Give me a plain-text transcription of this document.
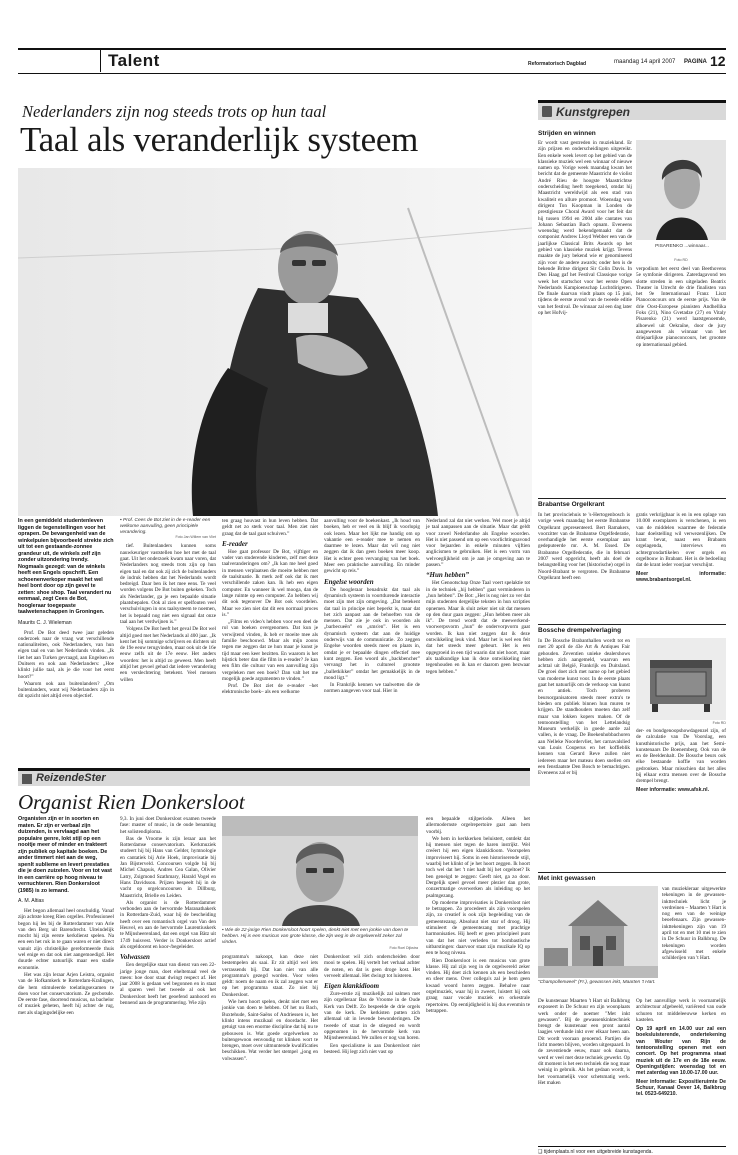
Talent	Reformatorisch Dagblad	maandag 14 april 2007 PAGINA 12
Nederlanders zijn nog steeds trots op hun taal
Taal als veranderlijk systeem
In een gemiddeld studentenleven liggen de tegenstellingen voor het oprapen. De bevangenheid van de winkelpuien bijvoorbeeld strekte zich uit tot een gestaande-zonnee grandeur uit, de winkels zelf zijn zonder uitzondering trendy. Nogmaals gezegd: van de winkels heeft een Engels opschrift. Een schoenenverkoper maakt het wel heel bont door op zijn gevel te zetten: shoe shop. Taal verandert nu eenmaal, zegt Cees de Bot, hoogleraar toegepaste taalwetenschappen in Groningen.
Maurits C. J. Wieleman

Prof. De Bot deed twee jaar geleden onderzoek naar de vraag wat verschillende nationaliteiten, ook Nederlanders, van hun eigen taal en van het Nederlands vinden. „Ik liet het aan Turken gevraagd, aan Engelsen en Duitsers en ook aan Nederlanders: „Hoe klinkt jullie taal, als je die voor het eerst hoort?”

Waarom ook aan buitenlanders? „Om buitenlanders, want wij Nederlanders zijn in dit opzicht niet altijd even objectief.

▪ Prof. Cees de Bot ziet in de e-reader een welkome aanvulling, geen principiële verandering.
Foto Jan Willem van Vliet

tief. Buitenlanders kunnen soms nauwkeuriger vaststellen hoe het met de taal gaat. Uit het onderzoek kwam naar voren, dat Nederlanders nog steeds trots zijn op hun eigen taal en dat ook zij zich de buitenlanders de indruk hebben dat het Nederlands wordt bedreigd. Daar ben ik het mee eens. Te veel worden volgens De Bot buiten gekeken. Toch als Nederlander, ga je een bepaalde situatie plaatsbepalen. Ook al zien er spelfouten veel verschuivingen in ons taalsysteem te noemen, het is bepaald nog niet een signaal dat onze taal aan het verdwijnen is.”

Volgens De Bot heeft het geval De Bot wel altijd goed met het Nederlands al 400 jaar. „Ik kent het bij sommige schrijvers en dichters uit de 19e eeuw terugvinden, maar ook uit de 16e eeuw zelfs uit de 17e eeuw. Het anders woorden: het is altijd zo geweest. Men heeft altijd het gevoel gehad dat iedere verandering een verslechtering betekent. Veel mensen willen

ten graag houvast in hun leven hebben. Dat geldt net zo sterk voor taal. Men ziet niet graag dat de taal gaat schuiven.”

E-reader

Hoe gaat professor De Bot, vijftiger en vader van studerende kinderen, zelf met deze taalveranderingen om? „Ik kan me heel goed in mensen verplaatsen die moeite hebben met de taalsituatie. Ik merk zelf ook dat ik met verschillende zaken kan. Ik heb een eigen computer. En wanneer ik wel mooga, dan de lange ruimte op een computer. Zo hebben wij dit ook tegenover De Bot ook voordelen. Maar we zien niet dat dit een normaal proces is.”

„Films en video's hebben voor een deel de rol van boeken overgenomen. Dat kun je verwijtend vinden, ik heb er moeite mee als familie beschouwd. Maar als mijn zoons tegen me zeggen dat ze hun maar je kunst je tijd maar een keer bezitten. En waarom is het hijstick beter dan die film in e-reader? Je kan een film die cultuur van een aanvulling zijn vergeleken met een boek? Dan valt het me mogelijk goede argumenten te vinden.”

Prof. De Bot ziet de e-reader –het elektronische boek– als een welkome

aanvulling voor de boekenkast. „Ik houd van boeken, heb er veel en ik blijf ik voorlopig ook lezen. Maar het lijkt me handig om op vakantie een e-reader mee te nemen en daarmee te lezen. Maar dat wil nog niet zeggen dat ik dan geen boeken meer koop. Het is echter geen vervanging van het boek. Meer een praktische aanvulling. En minder gewicht op reis.”

Engelse woorden

De hoogleraar benadrukt dat taal als dynamisch systeem in voortdurende interactie moet zijn met zijn omgeving. „Dat betekent dat taal in principe niet beperkt is, maar dat het zich aanpast aan de behoeften van de mensen. Dat zie je ook in woorden als „barbecueën” en „sms'en”. Het is een dynamisch systeem dat aan de huidige onderwijs van de communicatie. Zo zeggen Engelse woorden steeds meer en plaats in, omdat je er bepaalde dingen effectief mee kunt zeggen. Een woord als „backbencher” vervangt het in cultureel grootste „balletkikker” omdat het gemakkelijk in de mond ligt.”

In Frankrijk kennen we taalwetten die de normen aangeven voor taal. Hier in

Nederland zal dat niet werken. Wel moet je altijd je taal aanpassen aan de situatie. Maar dat geldt voor zowel Nederlandse als Engelse woorden. Het is niet passend om op een voorlichtingsavond voor bejaarden in enkele minuten vijftien anglicismen te gebruiken. Het is een vorm van welvoeglijkheid om je aan je omgeving aan te passen.”

“Hun hebben”

Het Genootschap Onze Taal voert spelaktie tot in de techniek „hij hebben” gaat verminderen in „hun hebben”. De Bot: „Het is nog niet zo ver dat mijn studenten dergelijke teksten in hun scripties opnemen. Maar ik sluit zeker niet uit dat mensen op den duur gaan zeggen: „Hun hebben meer als ik”. De trend wordt dat de meewerkend-voorwerpsvorm „hun” de ondervorpvorm gaat worden. Ik kan niet zeggen dat ik deze ontwikkeling leuk vind. Maar het is wel een feit dat het steeds meer gebeurt. Het is een opgegroeid in een tijd waarin dat niet hoort, maar als taalkundige kan ik deze ontwikkeling niet tegenhouden en ik kan er daarom geen bezwaar tegen hebben.”

Kunstgrepen
Strijden en winnen
Er wordt vast gestreden in muziekland. Er zijn prijzen en onderscheidingen uitgereikt. Een enkele week levert op het gebied van de klassieke muziek wel een winnaar of nieuwe namen op. Vorige week maandag kwam het bericht dat de gemeente Maastricht de violist André Rieu de hoogste Maastrichtse onderscheiding heeft toegekend, omdat hij Maastricht wereldwijd als een stad van kwaliteit en allure promoot. Woensdag won dirigent Ton Koopman in Londen de prestigieuze Choral Award voor het feit dat hij tussen 1994 en 2004 alle cantates van Johann Sebastian Bach opnam. Eveneens woensdag werd bekendgemaakt dat de componist Andrew Lloyd Webber een van de jaarlijkse Classical Brits Awards op het gebied van klassieke muziek krijgt. Tevens maakte de jury bekend wie er genomineerd zijn voor de andere awards; onder hen is de bekende Britse dirigent Sir Colin Davis. In Den Haag gaf het Festival Classique vorige week het startschot voor het eerste Open Nederlands Kampioenschap Luchtdirigeren. De finale daarvan vindt plaats op 15 juni, tijdens de eerste avond van de tweede editie van het festival. De winnaar zal een dag later op het Hofvij-
PISARENKO ...winnaar...
Foto RD
verpodium het eerst deel van Beethovens 5e symfonie dirigeren. Zaterdagavond ten slotte streden in een uitgeladen Beatrix Theater in Utrecht de drie finalisten van het 9e Internationaal Franz Liszt Pianoconcours om de eerste prijs. Van de drie Oost-Europese pianisten Andhellika Foks (21), Nino Gvetadze (27) en Vitaly Pisarenko (21) werd laatstgenoemde, alhoewel uit Oekraïne, door de jury aangewezen als winnaar van het driejaarlijkse pianoconcours, het grootste op internationaal gebied.
Brabantse Orgelkrant
In het provinciehuis te 's-Hertogenbosch is vorige week maandag het eerste Brabantse Orgelkrant gepresenteerd. Bert Ramakers, voorzitter van de Brabantse Orgelfederatie, overhandigde het eerste exemplaar aan gedeputeerde mr. A. M. Essed. De Brabantse Orgelfederatie, die in februari 2007 werd opgericht, heeft als doel de belangstelling voor het (historische) orgel in Noord-Brabant te vergroten. De Brabantse Orgelkrant heeft een
gratis verkrijgbaar is en in een oplage van 10.000 exemplaren is verschenen, is een van de middelen waarmee de federatie haar doelstelling wil verwezenlijken. De krant bevat, naast een Brabants orgelagenda, interviews en achtergrondartikelen over orgels en orgelbouw in Brabant. Het is de bedoeling dat de krant ieder voorjaar verschijnt.
Meer informatie: www.brabantsorgel.nl.
Bossche drempelverlaging
In De Bossche Brabanthallen wordt tot en met 20 april de 43e Art & Antiques Fair gehouden. Zeventien unieke dealershows hebben zich aangemeld, waarvan een achttal uit België, Frankrijk en Duitsland. De groei doet zich met name op het gebied van moderne kunst voor. In de eerste plaats gaat het natuurlijk om de verkoop van kunst en antiek. Toch proberen beursorganisatoren steeds meer extra's te bieden om publiek binnen hun muren te krijgen. De standhouders moeten dan zelf maar van lokken kopers maken. Of de tentoonstelling van het Lettelandsig Museum werkelijk in goede aarde zal vallen, is de vraag. De Boekenhobbachoren aan Nelleke Noordervliet, het carnavalslied van Louis Couperus en het koffieblik kennen van Gerard Reve zullen niet iedereen maar het mateau doen snellen om een fenstlaatste Den Bosch te bemachtigen. Eveneens zal er bij
Foto RD
der- en bondgenoopshowdagenzel zijn, of de calculatie van De Voorslag, een kunsthistorische prijs, aan het Semi-kunstenaars De Boenemberg. Ook van de en de Beeldenhalt. De Bossche beurs ook elke bestaande koffie van worden gedronken. Maar misschien dat het alles bij elkaar extra mensen over de Bossche drempel brengt.
Meer informatie: www.afsk.nl.
Met inkt gewassen
van muziekleraar uitgewerkte tekeningen in de gewassen-inkttechniek licht je verdreinen – Maarten 't Hart is nog een van de weinige beoefenaars. Zijn gewassen-inkttekeningen zijn van 19 april tot en met 10 mei te zien in De Schuur in Balkbrug. De tekeningen worden afgewisseld met enkele schilderijen van 't Hart.
“Champollenweel” (Fr.), gewassen inkt, Maarten 't Hart.
De kunstenaar Maarten 't Hart uit Balkbrug exposeert in De Schuur en zijn woonplaats werk onder de noemer "Met inkt gewassen". Bij de gewassenkinktechniek brengt de kunstenaar een pront aantal laagjes verdunde inkt over elkaar heen aan. Dit wordt vooraan genoemd. Partijen die licht moeten blijven, worden uitgespaard. In de zeventiende eeuw, maar ook daarna, werd er veel met deze techniek gewerkt. Op dit moment is het een techniek die nog maar weinig in gebruik. Als het gedaan wordt, is het voornamelijk voor schetsmatig werk. Het maken
Op het aanvullige werk is voornamelijk architectuur afgebeeld, variërend van oude schuren tot middeleeuwse kerken en kastelen.
Op 19 april en 14.00 uur zal een boeksluisterende, ondertekening van Wouter van Rijn de tentoonstelling openen met een concert. Op het programma staat muziek uit de 17e en de 18e eeuw. Openingstijden: woensdag tot en met zaterdag van 10.00-17.00 uur.
Meer informatie: Expositieruimte De Schuur, Kanaal Oever 14, Balkbrug tel. 0523-649210.
❑ tijdenplaats.nl voor een uitgebreide kunstagenda.
ReizendeSter
Organist Rien Donkersloot
Organisten zijn er in soorten en maten. Er zijn er verbaal zijn duizenden, is vervlaagd aan het populaire genre, lokt stijl op een nooitje meer of minder en trakteert zijn publiek op kapitale boeken. De ander timmert niet aan de weg, spenlt sublieme en levert prestaties die je doen zuizelen. Voor en tot vast in een carrière op hoog niveau te vernuchteren. Rien Donkersloot (1985) is zo iemand.
A. M. Altias

Het begon allemaal heel onschuldig. Vanaf zijn achtste kreeg Rien orgelles. Professioneel begon hij les bij de Rotterdammer van Arie van den Berg uit Barendrecht. Uiteindelijk mocht hij zijn eerste kerkdienst spelen. Na een een het ruk in te gaan waren er niet direct vanuit zijn christelijke gereformeerde thuis wel enige en dat ook niet aangemoedigd. Het duurde echter natuurlijk maar een stadie economie.

Het was zijn leraar Arjen Leistra, organist van de Hofkamkerk te Rotterdam-Kralingen, die hem stimuleerde toelatingsexamen te doen voor het conservatorium. Ze gecbotsde. De eerste fase, doorrend musicus, na bachelor of muziek geheten, heeft hij achter de rug, met als slagingsdelijke een

9,3. In juni doet Donkersloot examen tweede fase: master of music, in de oude benaming het solistendiploma.

Bas de Vroome is zijn leraar aan het Rotterdamse conservatorium. Kerkmuziek studeert hij bij Hans van Gelder, hymnologie en cantatiek bij Arie Hoek, improvisatie bij Jan Bijsterveld. Concoursen volgde hij bij Michel Chapuis, Andres Cea Galan, Olivier Latry, Zsigmond Szathmary, Harald Vogel en Hans Davidsson. Prijzen bespeelt hij in de vacht op orgelconcoursen in Dillburg, Maastricht, Brielle en Leiden.

Als organist is de Rotterdammer verbonden aan de hervormde Maranathakerk in Rotterdam-Zuid, waar hij de bescheiding heeft over een romantisch orgel van Van den Heuvel, en aan de hervormde Laurentiuskerk te Mijnsheerenland, dat een orgel van Bätz uit 1749 huisvest. Verder is Donkersloot actief als orgeldocent en koor-/begeleider.

Volwassen

Een dergelijke staat van dienst van een 22-jarige jonge man, doet eheltemaal veel de meen: hoe door staat dwingt respect af. Het jaar 2008 is gedaan wel begonnen en in staat al sparen veel het tweede al ook het Donkersloot heeft het geoefend aanhoord en bennend aan de programmering. Wie zijn

▪ Wie de 22-jarige Rien Donkersloot hoort spelen, denkt niet met een jonkie van doen te hebben. Hij is een musicus van grote klasse, die zijn weg in de orgelwereld zeker zal vinden.
Foto Roel Dijkstra

programma's nakoopt, kan deze niet bestempelen als saai. Er zit altijd wel iets verrassends bij. Dat kan niet van alle programma's gezegd worden. Voor velen geldt: noem de naam en ik zal zeggen wat er op het programma staat. Zo niet bij Donkersloot.

Wie hem hoort spelen, denkt niet met een jonkie van doen te hebben. Of het nu Bach, Buxtehude, Saint-Saëns of Andriessen is, het klinkt intens muzikaal en doordacht. Het getuigt van een enorme discipline dat hij nu te gebouwen is. Wat goede orgelwerken zo buitengewoon eenvoudig tot klinken wort te brengen, moet over uitmuntende kwalificaties beschikken. Wat verder het stempel „jong en volwassen”.

Donkersloot wil zich onderscheiden door mooi te spelen. Hij vertelt het verhaal achter de noten, en dat is geen droge kost. Het verveelt allemaal. Het dwingt tot luisteren.

Eigen klankidioom

Zure-erstie zij muzikelijk zal salmen met zijn orgelleraar Bas de Vroome in de Oude Kerk van Delft. Zo bespeelde de drie orgels van de kerk. De kerkisten putten zich allemaal uit in levende bewonderingen. De tweede of staat in de stiegend en wordt opgenomen in de hervormde kerk van Mijnsheerenland. We zullen er nog van horen.

Een specialisme is aan Donkersloot niet besteed. Hij legt zich niet vast op

een bepaalde stijlperiode. Alleen het allermodernste orgelrepertoire gaat aan hem voorbij.

We hem in kerkkerken beluistert, ontdekt dat hij mensen niet tegen de haren instrijkt. Wel creëert hij een eigen klankidioom. Voorspelen improviseert hij. Soms in een historiserende stijl, waarbij het klinkt of je het hoort zeggen. Ik hoort toch wel dat het 't niet hadt bij het orgeltoet? Ik ben geneigd te zeggen: Geeft niet, ga zo door. Dergelijk speel gevoel meer plezier dan grote, conzertmatige overwerken als inleiding op het psalmgezang.

Op moderne improvisaties is Donkersloot niet te betrappen. Zo procedeert als zijn voorspelen zijn, zo creatief is ook zijn begeleiding van de gemeentezang. Absoluut niet star of droog. Hij stimuleert de gemeentezang met prachtige harmonisaties. Hij heeft er geen principieel punt van dat het niet verleden tot bombastische uitbarstingen: daarvoor staat zijn muzikale IQ op een te hoog niveau.

Rien Donkersloot is een musicus van grote klasse. Hij zal zijn weg in de orgelwereld zeker vinden. Hij doet zich kennen als een beschieden en sfeer mens. Over collega's zal je hem geen kwaad woord horen zeggen. Behalve naar orgelmuziek, waar hij in zweert, luistert hij ook graag naar vocale muziek en orkestrale repertoires. Op eentijdigheid is hij dus evenmin te betrappen.
